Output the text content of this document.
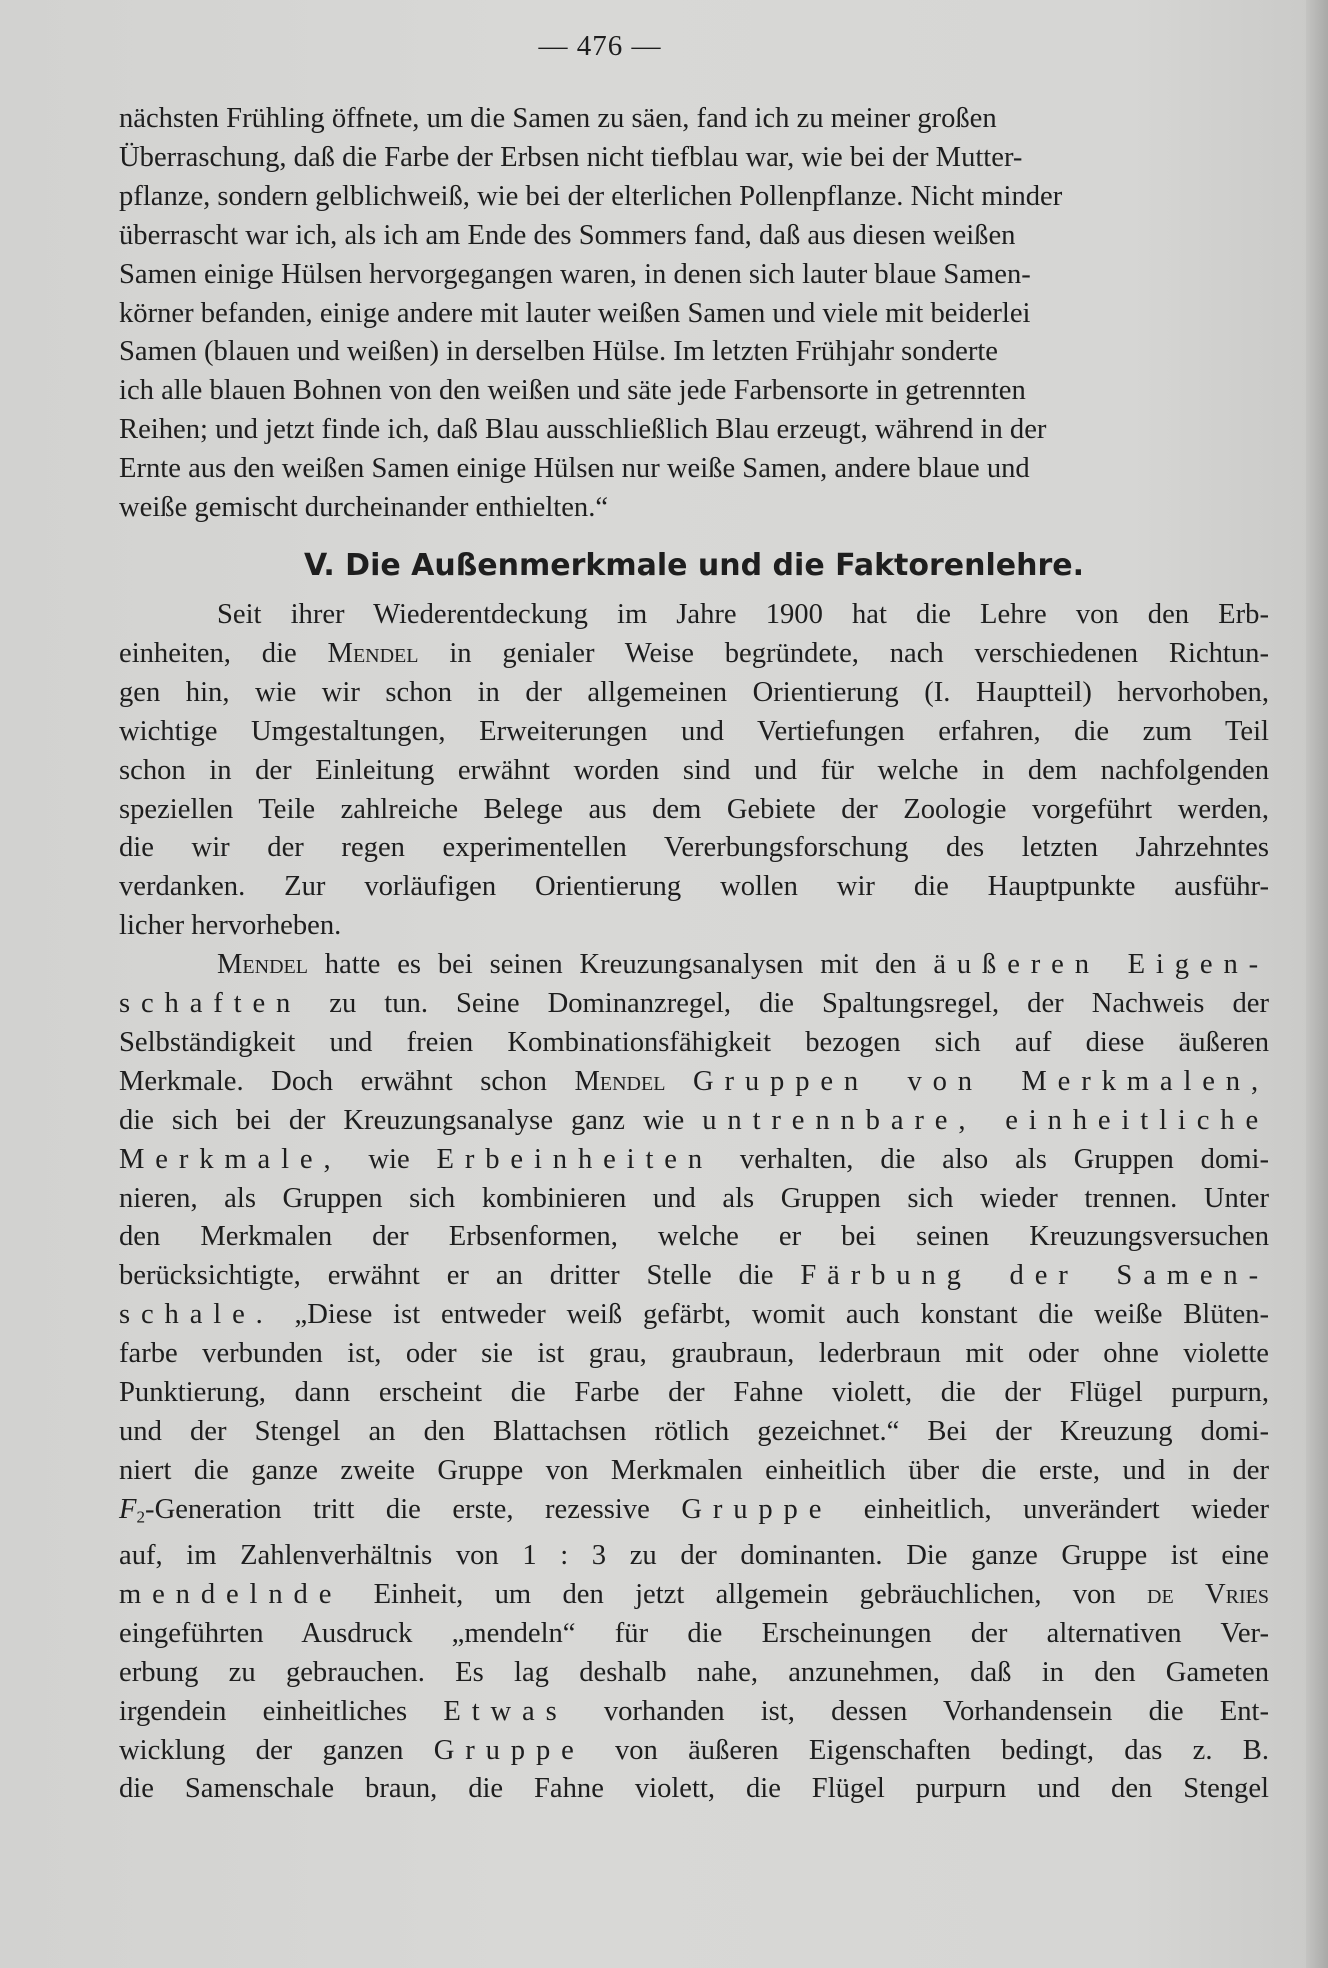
— 476 —

nächsten Frühling öffnete, um die Samen zu säen, fand ich zu meiner großen
Überraschung, daß die Farbe der Erbsen nicht tiefblau war, wie bei der Mutter-
pflanze, sondern gelblichweiß, wie bei der elterlichen Pollenpflanze. Nicht minder
überrascht war ich, als ich am Ende des Sommers fand, daß aus diesen weißen
Samen einige Hülsen hervorgegangen waren, in denen sich lauter blaue Samen-
körner befanden, einige andere mit lauter weißen Samen und viele mit beiderlei
Samen (blauen und weißen) in derselben Hülse. Im letzten Frühjahr sonderte
ich alle blauen Bohnen von den weißen und säte jede Farbensorte in getrennten
Reihen; und jetzt finde ich, daß Blau ausschließlich Blau erzeugt, während in der
Ernte aus den weißen Samen einige Hülsen nur weiße Samen, andere blaue und
weiße gemischt durcheinander enthielten.“

V. Die Außenmerkmale und die Faktorenlehre.

Seit ihrer Wiederentdeckung im Jahre 1900 hat die Lehre von den Erb-
einheiten, die Mendel in genialer Weise begründete, nach verschiedenen Richtun-
gen hin, wie wir schon in der allgemeinen Orientierung (I. Hauptteil) hervorhoben,
wichtige Umgestaltungen, Erweiterungen und Vertiefungen erfahren, die zum Teil
schon in der Einleitung erwähnt worden sind und für welche in dem nachfolgenden
speziellen Teile zahlreiche Belege aus dem Gebiete der Zoologie vorgeführt werden,
die wir der regen experimentellen Vererbungsforschung des letzten Jahrzehntes
verdanken. Zur vorläufigen Orientierung wollen wir die Hauptpunkte ausführ-
licher hervorheben.

Mendel hatte es bei seinen Kreuzungsanalysen mit den äußeren Eigen-
schaften zu tun. Seine Dominanzregel, die Spaltungsregel, der Nachweis der
Selbständigkeit und freien Kombinationsfähigkeit bezogen sich auf diese äußeren
Merkmale. Doch erwähnt schon Mendel Gruppen von Merkmalen,
die sich bei der Kreuzungsanalyse ganz wie untrennbare, einheitliche
Merkmale, wie Erbeinheiten verhalten, die also als Gruppen domi-
nieren, als Gruppen sich kombinieren und als Gruppen sich wieder trennen. Unter
den Merkmalen der Erbsenformen, welche er bei seinen Kreuzungsversuchen
berücksichtigte, erwähnt er an dritter Stelle die Färbung der Samen-
schale. „Diese ist entweder weiß gefärbt, womit auch konstant die weiße Blüten-
farbe verbunden ist, oder sie ist grau, graubraun, lederbraun mit oder ohne violette
Punktierung, dann erscheint die Farbe der Fahne violett, die der Flügel purpurn,
und der Stengel an den Blattachsen rötlich gezeichnet.“ Bei der Kreuzung domi-
niert die ganze zweite Gruppe von Merkmalen einheitlich über die erste, und in der
$F_2$-Generation tritt die erste, rezessive Gruppe einheitlich, unverändert wieder
auf, im Zahlenverhältnis von 1 : 3 zu der dominanten. Die ganze Gruppe ist eine
mendelnde Einheit, um den jetzt allgemein gebräuchlichen, von de Vries
eingeführten Ausdruck „mendeln“ für die Erscheinungen der alternativen Ver-
erbung zu gebrauchen. Es lag deshalb nahe, anzunehmen, daß in den Gameten
irgendein einheitliches Etwas vorhanden ist, dessen Vorhandensein die Ent-
wicklung der ganzen Gruppe von äußeren Eigenschaften bedingt, das z. B.
die Samenschale braun, die Fahne violett, die Flügel purpurn und den Stengel
